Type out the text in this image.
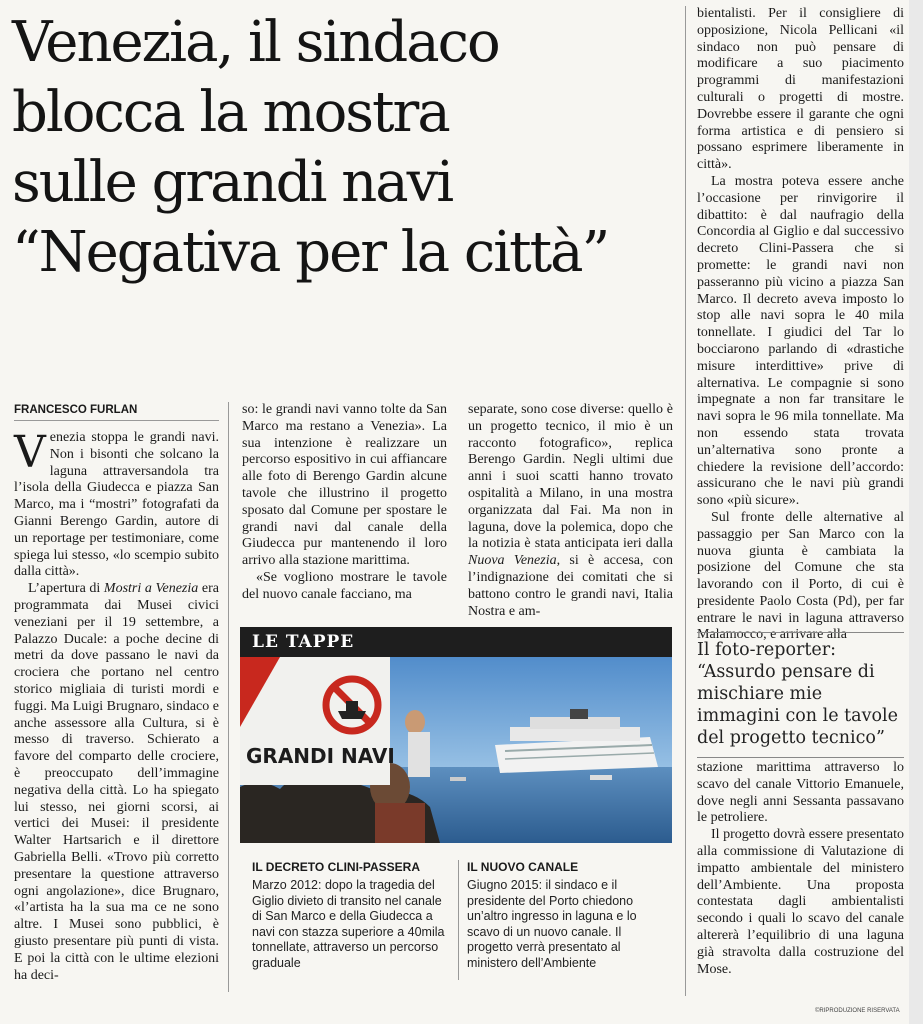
Venezia, il sindaco
blocca la mostra
sulle grandi navi
“Negativa per la città”
FRANCESCO FURLAN

Venezia stoppa le grandi navi. Non i bisonti che solcano la laguna attraversandola tra l’isola della Giudecca e piazza San Marco, ma i “mostri” fotografati da Gianni Berengo Gardin, autore di un reportage per testimoniare, come spiega lui stesso, «lo scempio subito dalla città».

L’apertura di Mostri a Venezia era programmata dai Musei civici veneziani per il 19 settembre, a Palazzo Ducale: a poche decine di metri da dove passano le navi da crociera che portano nel centro storico migliaia di turisti mordi e fuggi. Ma Luigi Brugnaro, sindaco e anche assessore alla Cultura, si è messo di traverso. Schierato a favore del comparto delle crociere, è preoccupato dell’immagine negativa della città. Lo ha spiegato lui stesso, nei giorni scorsi, ai vertici dei Musei: il presidente Walter Hartsarich e il direttore Gabriella Belli. «Trovo più corretto presentare la questione attraverso ogni angolazione», dice Brugnaro, «l’artista ha la sua ma ce ne sono altre. I Musei sono pubblici, è giusto presentare più punti di vista. E poi la città con le ultime elezioni ha deci-

so: le grandi navi vanno tolte da San Marco ma restano a Venezia». La sua intenzione è realizzare un percorso espositivo in cui affiancare alle foto di Berengo Gardin alcune tavole che illustrino il progetto sposato dal Comune per spostare le grandi navi dal canale della Giudecca pur mantenendo il loro arrivo alla stazione marittima.

«Se vogliono mostrare le tavole del nuovo canale facciano, ma

separate, sono cose diverse: quello è un progetto tecnico, il mio è un racconto fotografico», replica Berengo Gardin. Negli ultimi due anni i suoi scatti hanno trovato ospitalità a Milano, in una mostra organizzata dal Fai. Ma non in laguna, dove la polemica, dopo che la notizia è stata anticipata ieri dalla Nuova Venezia, si è accesa, con l’indignazione dei comitati che si battono contro le grandi navi, Italia Nostra e am-

bientalisti. Per il consigliere di opposizione, Nicola Pellicani «il sindaco non può pensare di modificare a suo piacimento programmi di manifestazioni culturali o progetti di mostre. Dovrebbe essere il garante che ogni forma artistica e di pensiero si possano esprimere liberamente in città».

La mostra poteva essere anche l’occasione per rinvigorire il dibattito: è dal naufragio della Concordia al Giglio e dal successivo decreto Clini-Passera che si promette: le grandi navi non passeranno più vicino a piazza San Marco. Il decreto aveva imposto lo stop alle navi sopra le 40 mila tonnellate. I giudici del Tar lo bocciarono parlando di «drastiche misure interdittive» prive di alternativa. Le compagnie si sono impegnate a non far transitare le navi sopra le 96 mila tonnellate. Ma non essendo stata trovata un’alternativa sono pronte a chiedere la revisione dell’accordo: assicurano che le navi più grandi sono «più sicure».

Sul fronte delle alternative al passaggio per San Marco con la nuova giunta è cambiata la posizione del Comune che sta lavorando con il Porto, di cui è presidente Paolo Costa (Pd), per far entrare le navi in laguna attraverso Malamocco, e arrivare alla

Il foto-reporter: “Assurdo pensare di mischiare mie immagini con le tavole del progetto tecnico”

stazione marittima attraverso lo scavo del canale Vittorio Emanuele, dove negli anni Sessanta passavano le petroliere.

Il progetto dovrà essere presentato alla commissione di Valutazione di impatto ambientale del ministero dell’Ambiente. Una proposta contestata dagli ambientalisti secondo i quali lo scavo del canale altererà l’equilibrio di una laguna già stravolta dalla costruzione del Mose.

GRANDI NAVI
LE TAPPE
IL DECRETO CLINI-PASSERA
Marzo 2012: dopo la tragedia del Giglio divieto di transito nel canale di San Marco e della Giudecca a navi con stazza superiore a 40mila tonnellate, attraverso un percorso graduale
IL NUOVO CANALE
Giugno 2015: il sindaco e il presidente del Porto chiedono un’altro ingresso in laguna e lo scavo di un nuovo canale. Il progetto verrà presentato al ministero dell’Ambiente
©RIPRODUZIONE RISERVATA
